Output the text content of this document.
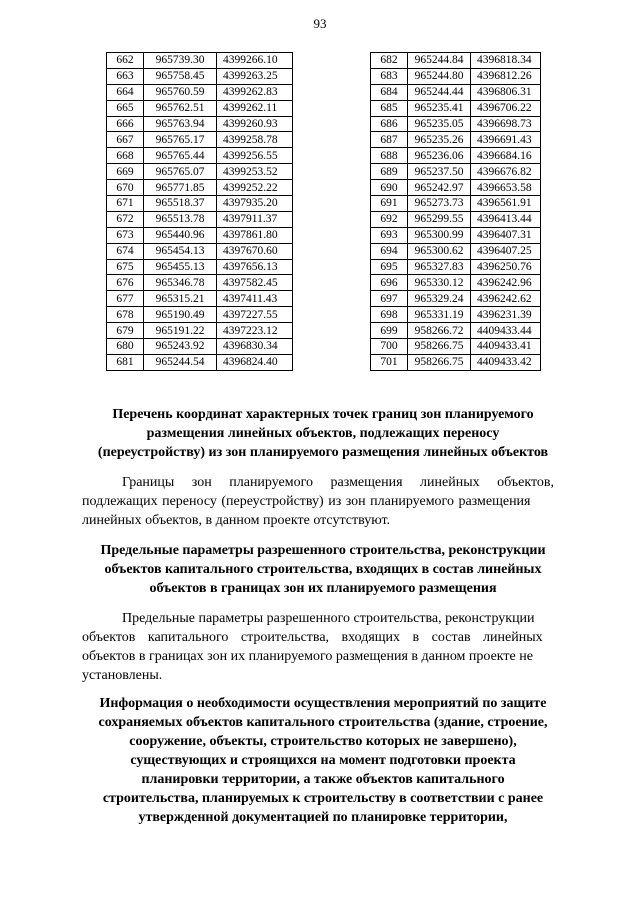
93
662	965739.30	4399266.10
663	965758.45	4399263.25
664	965760.59	4399262.83
665	965762.51	4399262.11
666	965763.94	4399260.93
667	965765.17	4399258.78
668	965765.44	4399256.55
669	965765.07	4399253.52
670	965771.85	4399252.22
671	965518.37	4397935.20
672	965513.78	4397911.37
673	965440.96	4397861.80
674	965454.13	4397670.60
675	965455.13	4397656.13
676	965346.78	4397582.45
677	965315.21	4397411.43
678	965190.49	4397227.55
679	965191.22	4397223.12
680	965243.92	4396830.34
681	965244.54	4396824.40
682	965244.84	4396818.34
683	965244.80	4396812.26
684	965244.44	4396806.31
685	965235.41	4396706.22
686	965235.05	4396698.73
687	965235.26	4396691.43
688	965236.06	4396684.16
689	965237.50	4396676.82
690	965242.97	4396653.58
691	965273.73	4396561.91
692	965299.55	4396413.44
693	965300.99	4396407.31
694	965300.62	4396407.25
695	965327.83	4396250.76
696	965330.12	4396242.96
697	965329.24	4396242.62
698	965331.19	4396231.39
699	958266.72	4409433.44
700	958266.75	4409433.41
701	958266.75	4409433.42
Перечень координат характерных точек границ зон планируемого
размещения линейных объектов, подлежащих переносу
(переустройству) из зон планируемого размещения линейных объектов
Границы зон планируемого размещения линейных объектов,
подлежащих переносу (переустройству) из зон планируемого размещения
линейных объектов, в данном проекте отсутствуют.
Предельные параметры разрешенного строительства, реконструкции
объектов капитального строительства, входящих в состав линейных
объектов в границах зон их планируемого размещения
Предельные параметры разрешенного строительства, реконструкции
объектов капитального строительства, входящих в состав линейных
объектов в границах зон их планируемого размещения в данном проекте не
установлены.
Информация о необходимости осуществления мероприятий по защите
сохраняемых объектов капитального строительства (здание, строение,
сооружение, объекты, строительство которых не завершено),
существующих и строящихся на момент подготовки проекта
планировки территории, а также объектов капитального
строительства, планируемых к строительству в соответствии с ранее
утвержденной документацией по планировке территории,
